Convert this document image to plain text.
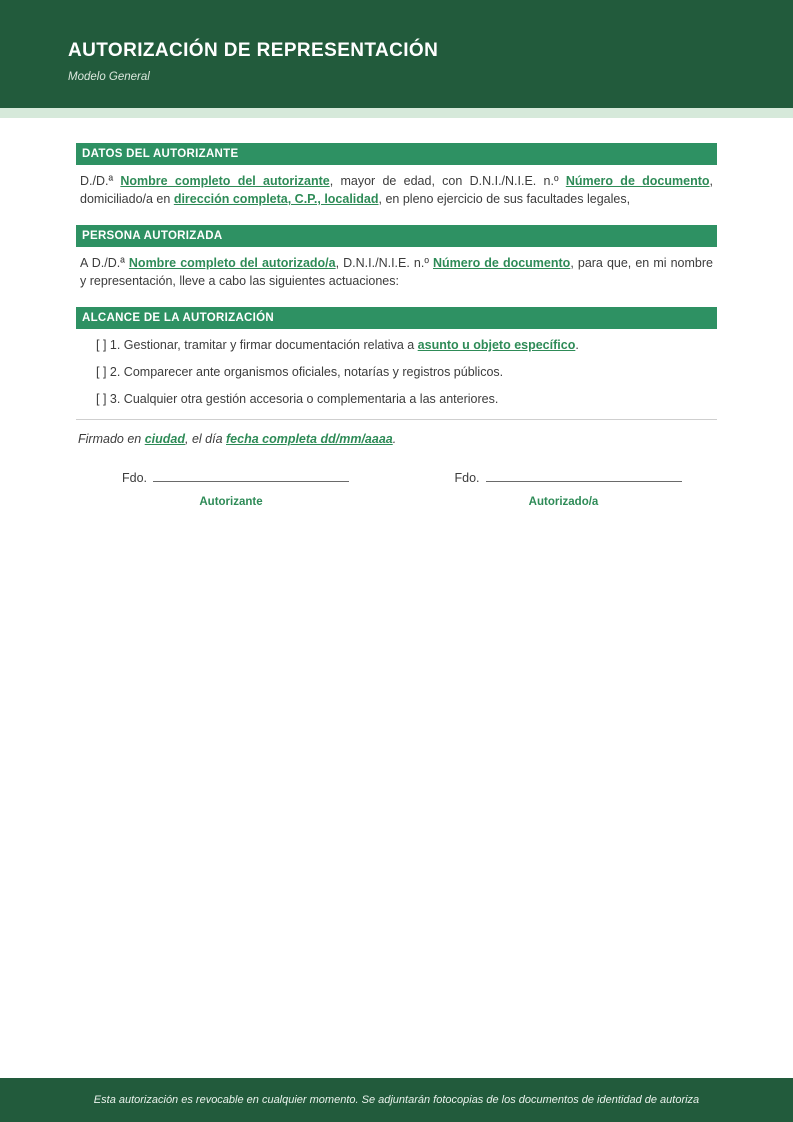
AUTORIZACIÓN DE REPRESENTACIÓN
Modelo General
DATOS DEL AUTORIZANTE

D./D.ª Nombre completo del autorizante, mayor de edad, con D.N.I./N.I.E. n.º Número de documento, domiciliado/a en dirección completa, C.P., localidad, en pleno ejercicio de sus facultades legales,

PERSONA AUTORIZADA

A D./D.ª Nombre completo del autorizado/a, D.N.I./N.I.E. n.º Número de documento, para que, en mi nombre y representación, lleve a cabo las siguientes actuaciones:

ALCANCE DE LA AUTORIZACIÓN
[ ] 1. Gestionar, tramitar y firmar documentación relativa a asunto u objeto específico.
[ ] 2. Comparecer ante organismos oficiales, notarías y registros públicos.
[ ] 3. Cualquier otra gestión accesoria o complementaria a las anteriores.

Firmado en ciudad, el día fecha completa dd/mm/aaaa.

Fdo.
Autorizante
Fdo.
Autorizado/a
Esta autorización es revocable en cualquier momento. Se adjuntarán fotocopias de los documentos de identidad de autoriza
